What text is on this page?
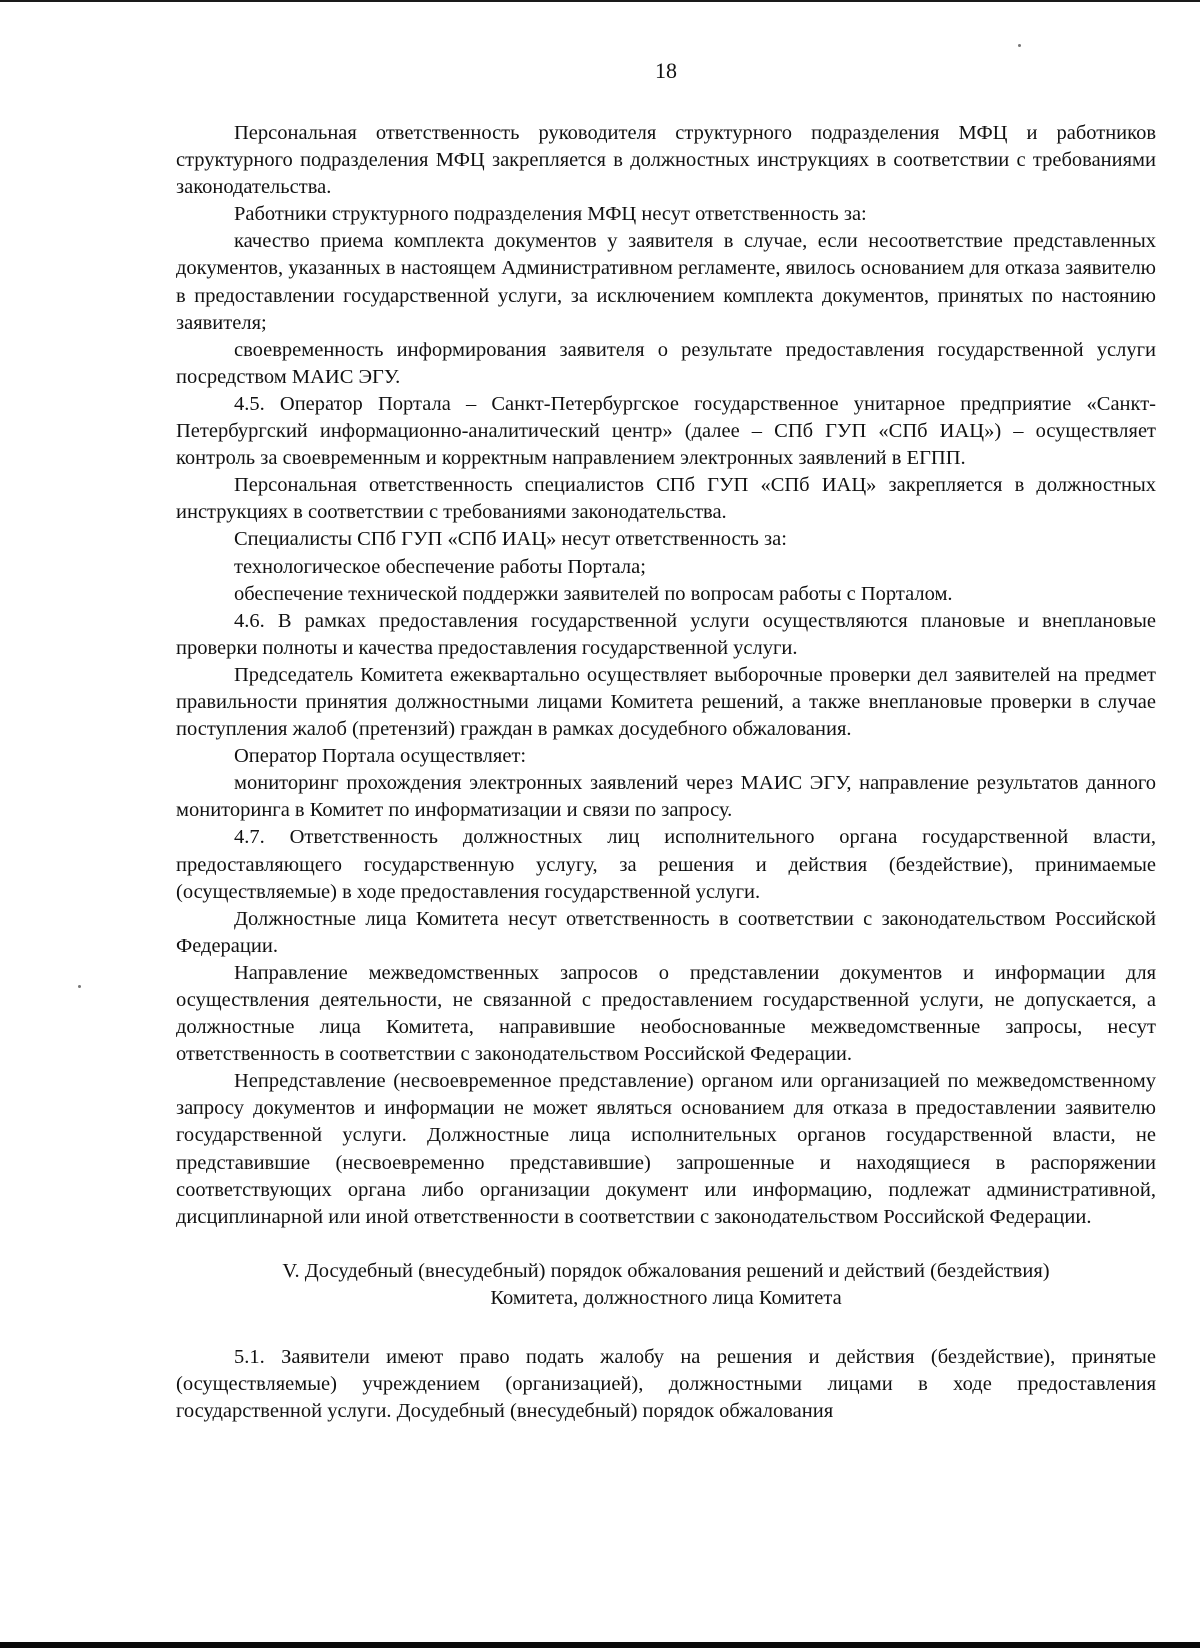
18

Персональная ответственность руководителя структурного подразделения МФЦ и работников структурного подразделения МФЦ закрепляется в должностных инструкциях в соответствии с требованиями законодательства.

Работники структурного подразделения МФЦ несут ответственность за:

качество приема комплекта документов у заявителя в случае, если несоответствие представленных документов, указанных в настоящем Административном регламенте, явилось основанием для отказа заявителю в предоставлении государственной услуги, за исключением комплекта документов, принятых по настоянию заявителя;

своевременность информирования заявителя о результате предоставления государственной услуги посредством МАИС ЭГУ.

4.5. Оператор Портала – Санкт-Петербургское государственное унитарное предприятие «Санкт-Петербургский информационно-аналитический центр» (далее – СПб ГУП «СПб ИАЦ») – осуществляет контроль за своевременным и корректным направлением электронных заявлений в ЕГПП.

Персональная ответственность специалистов СПб ГУП «СПб ИАЦ» закрепляется в должностных инструкциях в соответствии с требованиями законодательства.

Специалисты СПб ГУП «СПб ИАЦ» несут ответственность за:

технологическое обеспечение работы Портала;

обеспечение технической поддержки заявителей по вопросам работы с Порталом.

4.6. В рамках предоставления государственной услуги осуществляются плановые и внеплановые проверки полноты и качества предоставления государственной услуги.

Председатель Комитета ежеквартально осуществляет выборочные проверки дел заявителей на предмет правильности принятия должностными лицами Комитета решений, а также внеплановые проверки в случае поступления жалоб (претензий) граждан в рамках досудебного обжалования.

Оператор Портала осуществляет:

мониторинг прохождения электронных заявлений через МАИС ЭГУ, направление результатов данного мониторинга в Комитет по информатизации и связи по запросу.

4.7. Ответственность должностных лиц исполнительного органа государственной власти, предоставляющего государственную услугу, за решения и действия (бездействие), принимаемые (осуществляемые) в ходе предоставления государственной услуги.

Должностные лица Комитета несут ответственность в соответствии с законодательством Российской Федерации.

Направление межведомственных запросов о представлении документов и информации для осуществления деятельности, не связанной с предоставлением государственной услуги, не допускается, а должностные лица Комитета, направившие необоснованные межведомственные запросы, несут ответственность в соответствии с законодательством Российской Федерации.

Непредставление (несвоевременное представление) органом или организацией по межведомственному запросу документов и информации не может являться основанием для отказа в предоставлении заявителю государственной услуги. Должностные лица исполнительных органов государственной власти, не представившие (несвоевременно представившие) запрошенные и находящиеся в распоряжении соответствующих органа либо организации документ или информацию, подлежат административной, дисциплинарной или иной ответственности в соответствии с законодательством Российской Федерации.

V. Досудебный (внесудебный) порядок обжалования решений и действий (бездействия)
Комитета, должностного лица Комитета

5.1. Заявители имеют право подать жалобу на решения и действия (бездействие), принятые (осуществляемые) учреждением (организацией), должностными лицами в ходе предоставления государственной услуги. Досудебный (внесудебный) порядок обжалования
